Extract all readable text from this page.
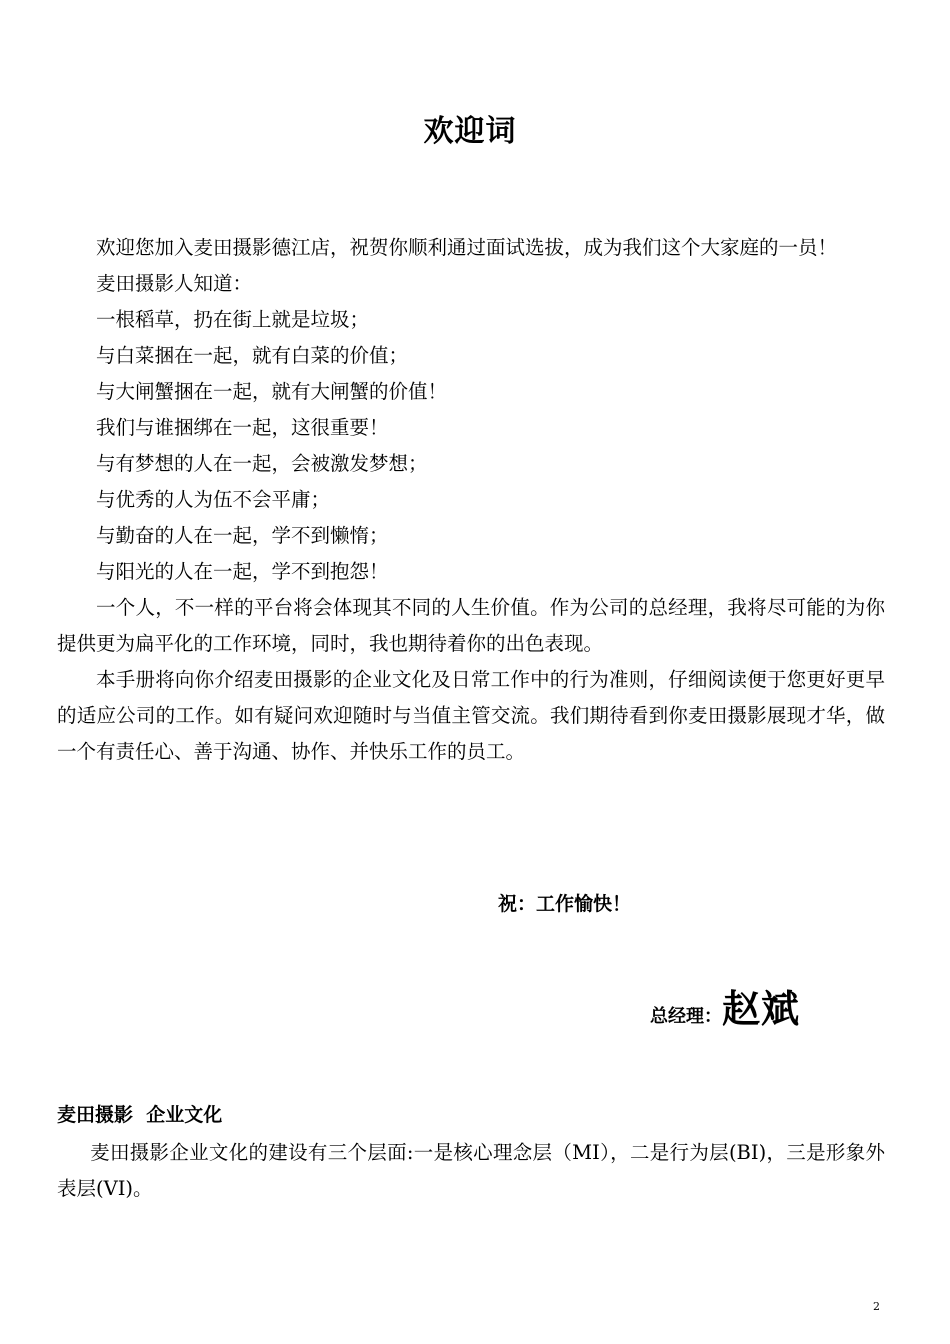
欢迎词

欢迎您加入麦田摄影德江店，祝贺你顺利通过面试选拔，成为我们这个大家庭的一员！

麦田摄影人知道：

一根稻草，扔在街上就是垃圾；

与白菜捆在一起，就有白菜的价值；

与大闸蟹捆在一起，就有大闸蟹的价值！

我们与谁捆绑在一起，这很重要！

与有梦想的人在一起，会被激发梦想；

与优秀的人为伍不会平庸；

与勤奋的人在一起，学不到懒惰；

与阳光的人在一起，学不到抱怨！

一个人，不一样的平台将会体现其不同的人生价值。作为公司的总经理，我将尽可能的为你提供更为扁平化的工作环境，同时，我也期待着你的出色表现。

本手册将向你介绍麦田摄影的企业文化及日常工作中的行为准则，仔细阅读便于您更好更早的适应公司的工作。如有疑问欢迎随时与当值主管交流。我们期待看到你麦田摄影展现才华，做一个有责任心、善于沟通、协作、并快乐工作的员工。

祝：工作愉快！
总经理：赵斌
麦田摄影  企业文化

麦田摄影企业文化的建设有三个层面:一是核心理念层（MI），二是行为层(BI)，三是形象外表层(VI)。

2
